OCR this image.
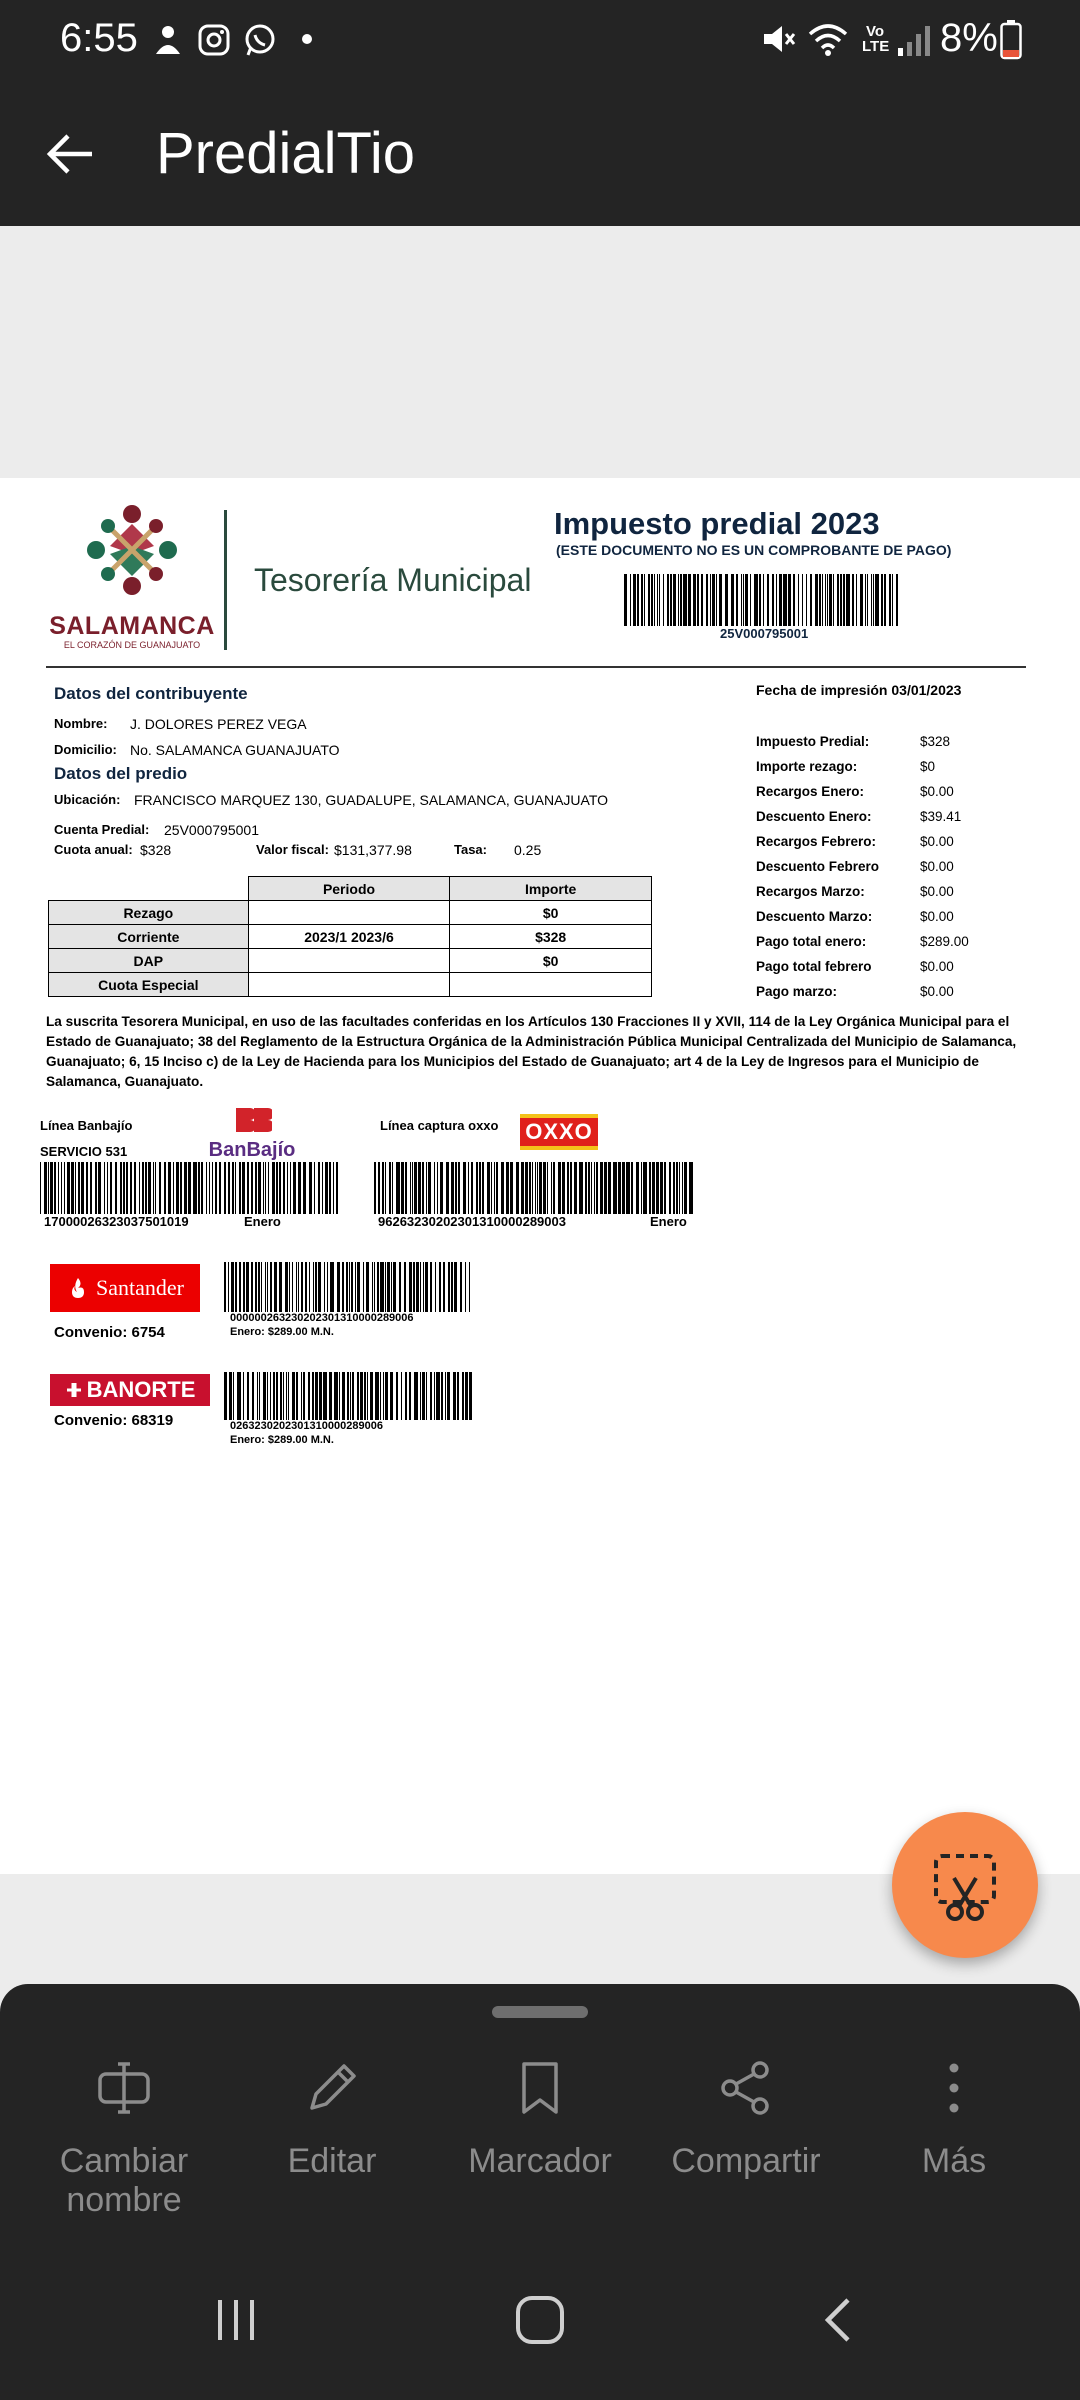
6:55	Vo LTE 8%
PredialTio
SALAMANCA
EL CORAZÓN DE GUANAJUATO
Tesorería Municipal
Impuesto predial 2023
(ESTE DOCUMENTO NO ES UN COMPROBANTE DE PAGO)
25V000795001
Datos del contribuyente	Fecha de impresión 03/01/2023
Nombre: J. DOLORES PEREZ VEGA
Domicilio: No. SALAMANCA GUANAJUATO
Datos del predio
Ubicación: FRANCISCO MARQUEZ 130, GUADALUPE, SALAMANCA, GUANAJUATO
Cuenta Predial: 25V000795001
Cuota anual: $328	Valor fiscal: $131,377.98	Tasa: 0.25
	Periodo	Importe
Rezago		$0
Corriente	2023/1 2023/6	$328
DAP		$0
Cuota Especial		
Impuesto Predial:	$328
Importe rezago:	$0
Recargos Enero:	$0.00
Descuento Enero:	$39.41
Recargos Febrero:	$0.00
Descuento Febrero	$0.00
Recargos Marzo:	$0.00
Descuento Marzo:	$0.00
Pago total enero:	$289.00
Pago total febrero	$0.00
Pago marzo:	$0.00
La suscrita Tesorera Municipal, en uso de las facultades conferidas en los Artículos 130 Fracciones II y XVII, 114 de la Ley Orgánica Municipal para el Estado de Guanajuato; 38 del Reglamento de la Estructura Orgánica de la Administración Pública Municipal Centralizada del Municipio de Salamanca, Guanajuato; 6, 15 Inciso c) de la Ley de Hacienda para los Municipios del Estado de Guanajuato; art 4 de la Ley de Ingresos para el Municipio de Salamanca, Guanajuato.
Línea Banbajío
SERVICIO 531	BanBajío
17000026323037501019	Enero
Línea captura oxxo OXXO
96263230202301310000289003	Enero
Santander
Convenio: 6754
000000263230202301310000289006
Enero: $289.00 M.N.
BANORTE
Convenio: 68319	02632302023013100002890​06
Enero: $289.00 M.N.
Cambiar
nombre
Editar	Marcador	Compartir	Más
